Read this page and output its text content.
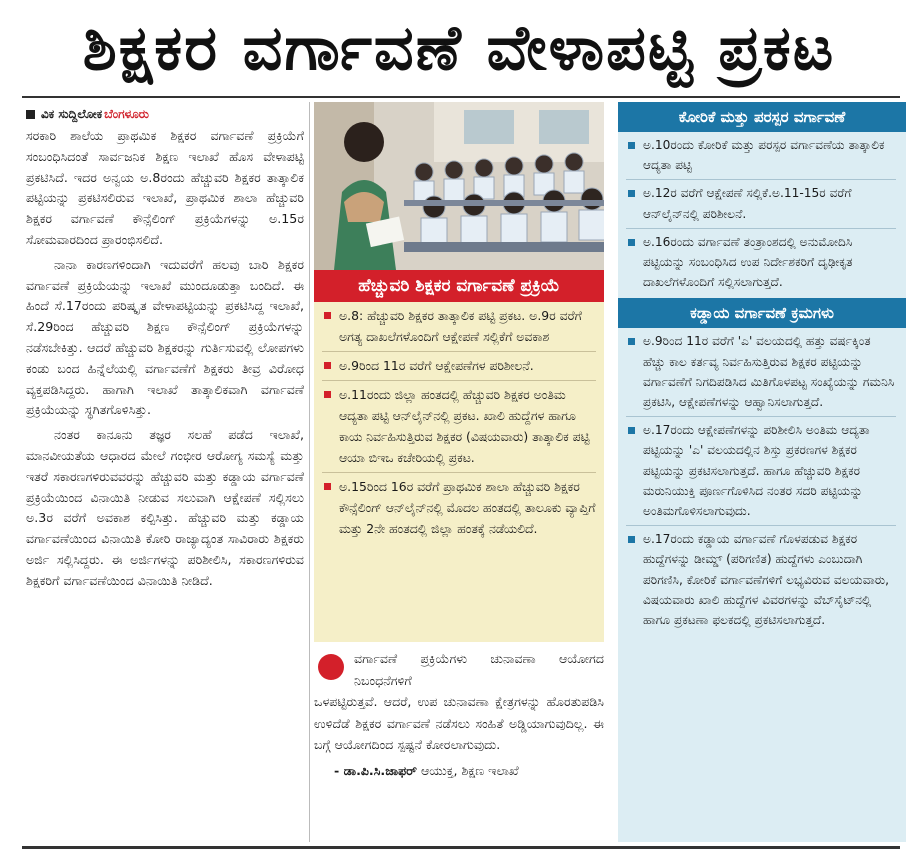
ಶಿಕ್ಷಕರ ವರ್ಗಾವಣೆ ವೇಳಾಪಟ್ಟಿ ಪ್ರಕಟ
ವಿಕ ಸುದ್ದಿಲೋಕ ಬೆಂಗಳೂರು

ಸರಕಾರಿ ಶಾಲೆಯ ಪ್ರಾಥಮಿಕ ಶಿಕ್ಷಕರ ವರ್ಗಾವಣೆ ಪ್ರಕ್ರಿಯೆಗೆ ಸಂಬಂಧಿಸಿದಂತೆ ಸಾರ್ವಜನಿಕ ಶಿಕ್ಷಣ ಇಲಾಖೆ ಹೊಸ ವೇಳಾಪಟ್ಟಿ ಪ್ರಕಟಿಸಿದೆ. ಇದರ ಅನ್ವಯ ಅ.8ರಂದು ಹೆಚ್ಚುವರಿ ಶಿಕ್ಷಕರ ತಾತ್ಕಾಲಿಕ ಪಟ್ಟಿಯನ್ನು ಪ್ರಕಟಿಸಲಿರುವ ಇಲಾಖೆ, ಪ್ರಾಥಮಿಕ ಶಾಲಾ ಹೆಚ್ಚುವರಿ ಶಿಕ್ಷಕರ ವರ್ಗಾವಣೆ ಕೌನ್ಸೆಲಿಂಗ್ ಪ್ರಕ್ರಿಯೆಗಳನ್ನು ಅ.15ರ ಸೋಮವಾರದಿಂದ ಪ್ರಾರಂಭಿಸಲಿದೆ.

ನಾನಾ ಕಾರಣಗಳಿಂದಾಗಿ ಇದುವರೆಗೆ ಹಲವು ಬಾರಿ ಶಿಕ್ಷಕರ ವರ್ಗಾವಣೆ ಪ್ರಕ್ರಿಯೆಯನ್ನು ಇಲಾಖೆ ಮುಂದೂಡುತ್ತಾ ಬಂದಿದೆ. ಈ ಹಿಂದೆ ಸೆ.17ರಂದು ಪರಿಷ್ಕೃತ ವೇಳಾಪಟ್ಟಿಯನ್ನು ಪ್ರಕಟಿಸಿದ್ದ ಇಲಾಖೆ, ಸೆ.29ರಿಂದ ಹೆಚ್ಚುವರಿ ಶಿಕ್ಷಣ ಕೌನ್ಸೆಲಿಂಗ್ ಪ್ರಕ್ರಿಯೆಗಳನ್ನು ನಡೆಸಬೇಕಿತ್ತು. ಆದರೆ ಹೆಚ್ಚುವರಿ ಶಿಕ್ಷಕರನ್ನು ಗುರ್ತಿಸುವಲ್ಲಿ ಲೋಪಗಳು ಕಂಡು ಬಂದ ಹಿನ್ನೆಲೆಯಲ್ಲಿ ವರ್ಗಾವಣೆಗೆ ಶಿಕ್ಷಕರು ತೀವ್ರ ವಿರೋಧ ವ್ಯಕ್ತಪಡಿಸಿದ್ದರು. ಹಾಗಾಗಿ ಇಲಾಖೆ ತಾತ್ಕಾಲಿಕವಾಗಿ ವರ್ಗಾವಣೆ ಪ್ರಕ್ರಿಯೆಯನ್ನು ಸ್ಥಗಿತಗೊಳಿಸಿತ್ತು.

ನಂತರ ಕಾನೂನು ತಜ್ಞರ ಸಲಹೆ ಪಡೆದ ಇಲಾಖೆ, ಮಾನವೀಯತೆಯ ಆಧಾರದ ಮೇಲೆ ಗಂಭೀರ ಆರೋಗ್ಯ ಸಮಸ್ಯೆ ಮತ್ತು ಇತರೆ ಸಕಾರಣಗಳಿರುವವರನ್ನು ಹೆಚ್ಚುವರಿ ಮತ್ತು ಕಡ್ಡಾಯ ವರ್ಗಾವಣೆ ಪ್ರಕ್ರಿಯೆಯಿಂದ ವಿನಾಯಿತಿ ನೀಡುವ ಸಲುವಾಗಿ ಆಕ್ಷೇಪಣೆ ಸಲ್ಲಿಸಲು ಅ.3ರ ವರೆಗೆ ಅವಕಾಶ ಕಲ್ಪಿಸಿತ್ತು. ಹೆಚ್ಚುವರಿ ಮತ್ತು ಕಡ್ಡಾಯ ವರ್ಗಾವಣೆಯಿಂದ ವಿನಾಯಿತಿ ಕೋರಿ ರಾಜ್ಯಾದ್ಯಂತ ಸಾವಿರಾರು ಶಿಕ್ಷಕರು ಅರ್ಜಿ ಸಲ್ಲಿಸಿದ್ದರು. ಈ ಅರ್ಜಿಗಳನ್ನು ಪರಿಶೀಲಿಸಿ, ಸಕಾರಣಗಳಿರುವ ಶಿಕ್ಷಕರಿಗೆ ವರ್ಗಾವಣೆಯಿಂದ ವಿನಾಯಿತಿ ನೀಡಿದೆ.

ಹೆಚ್ಚುವರಿ ಶಿಕ್ಷಕರ ವರ್ಗಾವಣೆ ಪ್ರಕ್ರಿಯೆ
ಅ.8: ಹೆಚ್ಚುವರಿ ಶಿಕ್ಷಕರ ತಾತ್ಕಾಲಿಕ ಪಟ್ಟಿ ಪ್ರಕಟ. ಅ.9ರ ವರೆಗೆ ಅಗತ್ಯ ದಾಖಲೆಗಳೊಂದಿಗೆ ಆಕ್ಷೇಪಣೆ ಸಲ್ಲಿಕೆಗೆ ಅವಕಾಶ
ಅ.9ರಿಂದ 11ರ ವರೆಗೆ ಆಕ್ಷೇಪಣೆಗಳ ಪರಿಶೀಲನೆ.
ಅ.11ರಂದು ಜಿಲ್ಲಾ ಹಂತದಲ್ಲಿ ಹೆಚ್ಚುವರಿ ಶಿಕ್ಷಕರ ಅಂತಿಮ ಆದ್ಯತಾ ಪಟ್ಟಿ ಆನ್‌ಲೈನ್‌ನಲ್ಲಿ ಪ್ರಕಟ. ಖಾಲಿ ಹುದ್ದೆಗಳ ಹಾಗೂ ಕಾಯ ನಿರ್ವಹಿಸುತ್ತಿರುವ ಶಿಕ್ಷಕರ (ವಿಷಯವಾರು) ತಾತ್ಕಾಲಿಕ ಪಟ್ಟಿ ಆಯಾ ಬಿಇಒ ಕಚೇರಿಯಲ್ಲಿ ಪ್ರಕಟ.
ಅ.15ರಿಂದ 16ರ ವರೆಗೆ ಪ್ರಾಥಮಿಕ ಶಾಲಾ ಹೆಚ್ಚುವರಿ ಶಿಕ್ಷಕರ ಕೌನ್ಸೆಲಿಂಗ್ ಆನ್‌ಲೈನ್‌ನಲ್ಲಿ ಮೊದಲ ಹಂತದಲ್ಲಿ ತಾಲೂಕು ವ್ಯಾಪ್ತಿಗೆ ಮತ್ತು 2ನೇ ಹಂತದಲ್ಲಿ ಜಿಲ್ಲಾ ಹಂತಕ್ಕೆ ನಡೆಯಲಿದೆ.
ವರ್ಗಾವಣೆ ಪ್ರಕ್ರಿಯೆಗಳು ಚುನಾವಣಾ ಆಯೋಗದ ನಿಬಂಧನೆಗಳಿಗೆ
ಒಳಪಟ್ಟಿರುತ್ತವೆ. ಆದರೆ, ಉಪ ಚುನಾವಣಾ ಕ್ಷೇತ್ರಗಳನ್ನು ಹೊರತುಪಡಿಸಿ ಉಳಿದೆಡೆ ಶಿಕ್ಷಕರ ವರ್ಗಾವಣೆ ನಡೆಸಲು ಸಂಹಿತೆ ಅಡ್ಡಿಯಾಗುವುದಿಲ್ಲ. ಈ ಬಗ್ಗೆ ಆಯೋಗದಿಂದ ಸ್ಪಷ್ಟನೆ ಕೋರಲಾಗುವುದು.
- ಡಾ.ಪಿ.ಸಿ.ಜಾಫರ್ ಆಯುಕ್ತ, ಶಿಕ್ಷಣ ಇಲಾಖೆ
ಕೋರಿಕೆ ಮತ್ತು ಪರಸ್ಪರ ವರ್ಗಾವಣೆ
ಅ.10ರಂದು ಕೋರಿಕೆ ಮತ್ತು ಪರಸ್ಪರ ವರ್ಗಾವಣೆಯ ತಾತ್ಕಾಲಿಕ ಆದ್ಯತಾ ಪಟ್ಟಿ
ಅ.12ರ ವರೆಗೆ ಆಕ್ಷೇಪಣೆ ಸಲ್ಲಿಕೆ.ಅ.11-15ರ ವರೆಗೆ ಆನ್‌ಲೈನ್‌ನಲ್ಲಿ ಪರಿಶೀಲನೆ.
ಅ.16ರಂದು ವರ್ಗಾವಣೆ ತಂತ್ರಾಂಶದಲ್ಲಿ ಅನುಮೋದಿಸಿ ಪಟ್ಟಿಯನ್ನು ಸಂಬಂಧಿಸಿದ ಉಪ ನಿರ್ದೇಶಕರಿಗೆ ದೃಢೀಕೃತ ದಾಖಲೆಗಳೊಂದಿಗೆ ಸಲ್ಲಿಸಲಾಗುತ್ತದೆ.
ಕಡ್ಡಾಯ ವರ್ಗಾವಣೆ ಕ್ರಮಗಳು
ಅ.9ರಿಂದ 11ರ ವರೆಗೆ 'ಎ' ವಲಯದಲ್ಲಿ ಹತ್ತು ವರ್ಷಕ್ಕಿಂತ ಹೆಚ್ಚು ಕಾಲ ಕರ್ತವ್ಯ ನಿರ್ವಹಿಸುತ್ತಿರುವ ಶಿಕ್ಷಕರ ಪಟ್ಟಿಯನ್ನು ವರ್ಗಾವಣೆಗೆ ನಿಗದಿಪಡಿಸಿದ ಮಿತಿಗೊಳಪಟ್ಟ ಸಂಖ್ಯೆಯನ್ನು ಗಮನಿಸಿ ಪ್ರಕಟಿಸಿ, ಆಕ್ಷೇಪಣೆಗಳನ್ನು ಆಹ್ವಾನಿಸಲಾಗುತ್ತದೆ.
ಅ.17ರಂದು ಆಕ್ಷೇಪಣೆಗಳನ್ನು ಪರಿಶೀಲಿಸಿ ಅಂತಿಮ ಆದ್ಯತಾ ಪಟ್ಟಿಯನ್ನು 'ಎ' ವಲಯದಲ್ಲಿನ ಶಿಸ್ತು ಪ್ರಕರಣಗಳ ಶಿಕ್ಷಕರ ಪಟ್ಟಿಯನ್ನು ಪ್ರಕಟಿಸಲಾಗುತ್ತದೆ. ಹಾಗೂ ಹೆಚ್ಚುವರಿ ಶಿಕ್ಷಕರ ಮರುನಿಯುಕ್ತಿ ಪೂರ್ಣಗೊಳಿಸಿದ ನಂತರ ಸದರಿ ಪಟ್ಟಿಯನ್ನು ಅಂತಿಮಗೊಳಿಸಲಾಗುವುದು.
ಅ.17ರಂದು ಕಡ್ಡಾಯ ವರ್ಗಾವಣೆ ಗೊಳಪಡುವ ಶಿಕ್ಷಕರ ಹುದ್ದೆಗಳನ್ನು ಡೀಮ್ಡ್ (ಪರಿಗಣಿತ) ಹುದ್ದೆಗಳು ಎಂಬುದಾಗಿ ಪರಿಗಣಿಸಿ, ಕೋರಿಕೆ ವರ್ಗಾವಣೆಗಳಿಗೆ ಲಭ್ಯವಿರುವ ವಲಯವಾರು, ವಿಷಯವಾರು ಖಾಲಿ ಹುದ್ದೆಗಳ ವಿವರಗಳನ್ನು ವೆಬ್‌ಸೈಟ್‌ನಲ್ಲಿ ಹಾಗೂ ಪ್ರಕಟಣಾ ಫಲಕದಲ್ಲಿ ಪ್ರಕಟಿಸಲಾಗುತ್ತದೆ.
